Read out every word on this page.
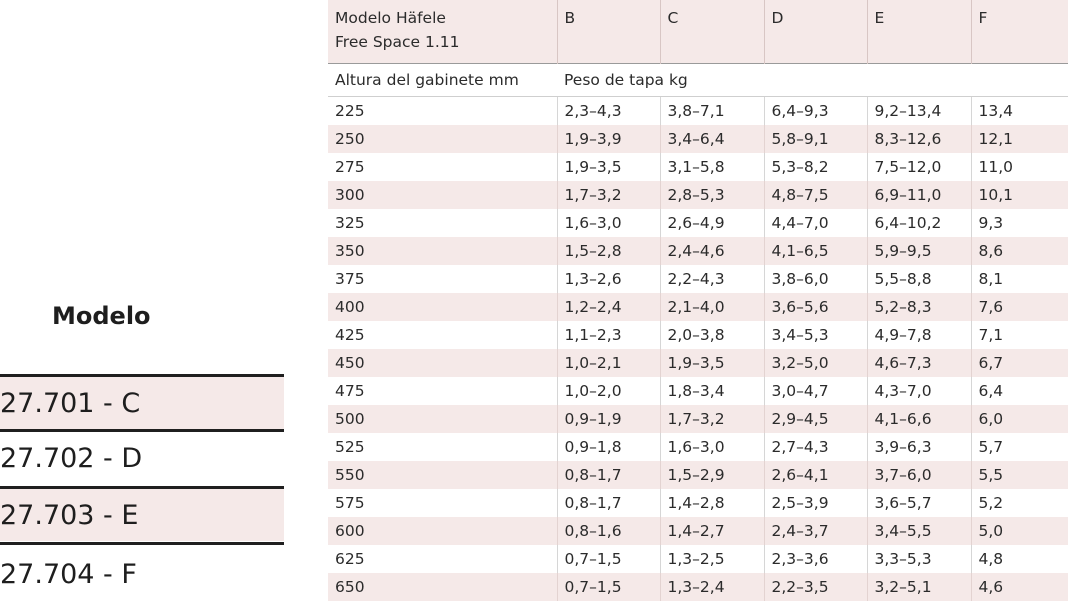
Modelo
27.701 - C
27.702 - D
27.703 - E
27.704 - F
Modelo Häfele
Free Space 1.11	B	C	D	E	F
Altura del gabinete mm	Peso de tapa kg				
225	2,3–4,3	3,8–7,1	6,4–9,3	9,2–13,4	13,4
250	1,9–3,9	3,4–6,4	5,8–9,1	8,3–12,6	12,1
275	1,9–3,5	3,1–5,8	5,3–8,2	7,5–12,0	11,0
300	1,7–3,2	2,8–5,3	4,8–7,5	6,9–11,0	10,1
325	1,6–3,0	2,6–4,9	4,4–7,0	6,4–10,2	9,3
350	1,5–2,8	2,4–4,6	4,1–6,5	5,9–9,5	8,6
375	1,3–2,6	2,2–4,3	3,8–6,0	5,5–8,8	8,1
400	1,2–2,4	2,1–4,0	3,6–5,6	5,2–8,3	7,6
425	1,1–2,3	2,0–3,8	3,4–5,3	4,9–7,8	7,1
450	1,0–2,1	1,9–3,5	3,2–5,0	4,6–7,3	6,7
475	1,0–2,0	1,8–3,4	3,0–4,7	4,3–7,0	6,4
500	0,9–1,9	1,7–3,2	2,9–4,5	4,1–6,6	6,0
525	0,9–1,8	1,6–3,0	2,7–4,3	3,9–6,3	5,7
550	0,8–1,7	1,5–2,9	2,6–4,1	3,7–6,0	5,5
575	0,8–1,7	1,4–2,8	2,5–3,9	3,6–5,7	5,2
600	0,8–1,6	1,4–2,7	2,4–3,7	3,4–5,5	5,0
625	0,7–1,5	1,3–2,5	2,3–3,6	3,3–5,3	4,8
650	0,7–1,5	1,3–2,4	2,2–3,5	3,2–5,1	4,6
